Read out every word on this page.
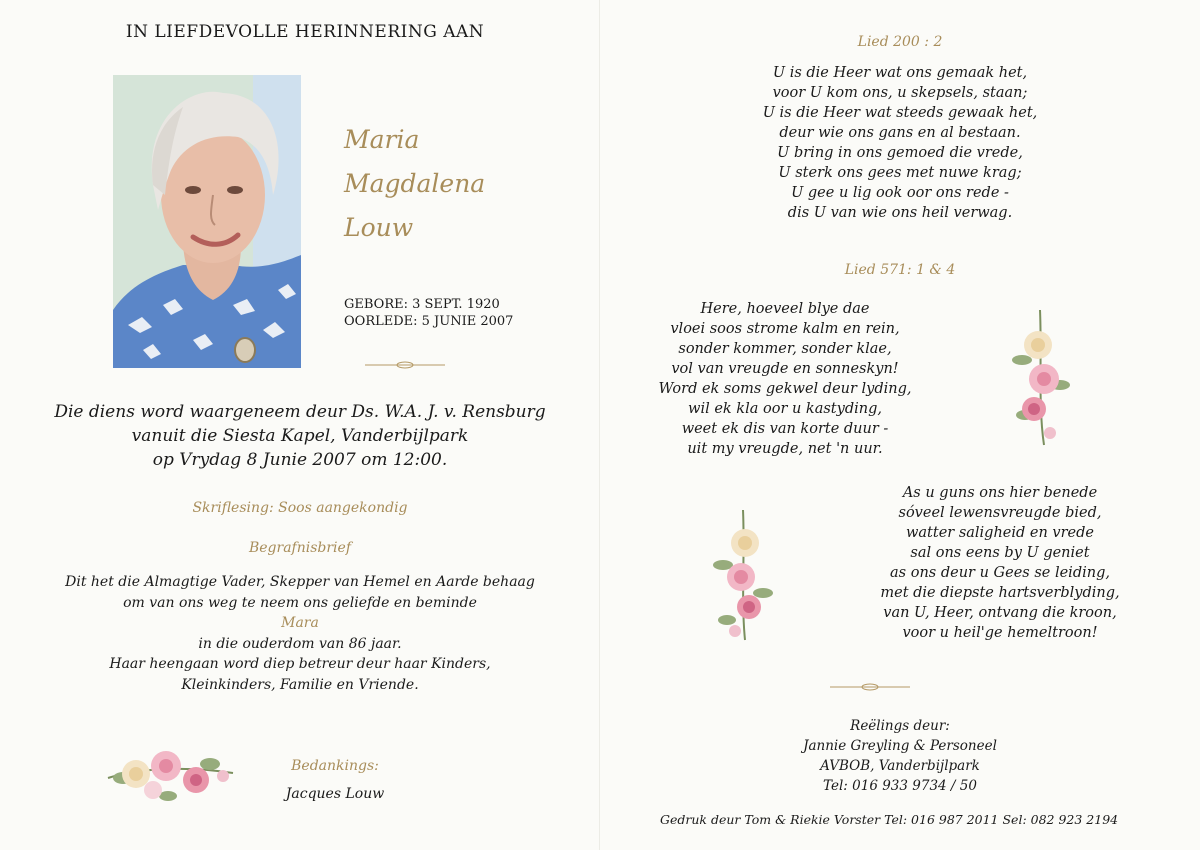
IN LIEFDEVOLLE HERINNERING AAN
Maria
Magdalena
Louw
GEBORE: 3 SEPT. 1920
OORLEDE: 5 JUNIE 2007
Die diens word waargeneem deur Ds. W.A. J. v. Rensburg
vanuit die Siesta Kapel, Vanderbijlpark
op Vrydag 8 Junie 2007 om 12:00.
Skriflesing: Soos aangekondig
Begrafnisbrief
Dit het die Almagtige Vader, Skepper van Hemel en Aarde behaag
om van ons weg te neem ons geliefde en beminde
Mara
in die ouderdom van 86 jaar.
Haar heengaan word diep betreur deur haar Kinders,
Kleinkinders, Familie en Vriende.
Bedankings:
Jacques Louw
Lied 200 : 2
U is die Heer wat ons gemaak het,
voor U kom ons, u skepsels, staan;
U is die Heer wat steeds gewaak het,
deur wie ons gans en al bestaan.
U bring in ons gemoed die vrede,
U sterk ons gees met nuwe krag;
U gee u lig ook oor ons rede -
dis U van wie ons heil verwag.
Lied 571: 1 & 4
Here, hoeveel blye dae
vloei soos strome kalm en rein,
sonder kommer, sonder klae,
vol van vreugde en sonneskyn!
Word ek soms gekwel deur lyding,
wil ek kla oor u kastyding,
weet ek dis van korte duur -
uit my vreugde, net 'n uur.
As u guns ons hier benede
sóveel lewensvreugde bied,
watter saligheid en vrede
sal ons eens by U geniet
as ons deur u Gees se leiding,
met die diepste hartsverblyding,
van U, Heer, ontvang die kroon,
voor u heil'ge hemeltroon!
Reëlings deur:
Jannie Greyling & Personeel
AVBOB, Vanderbijlpark
Tel: 016 933 9734 / 50
Gedruk deur Tom & Riekie Vorster Tel: 016 987 2011 Sel: 082 923 2194
